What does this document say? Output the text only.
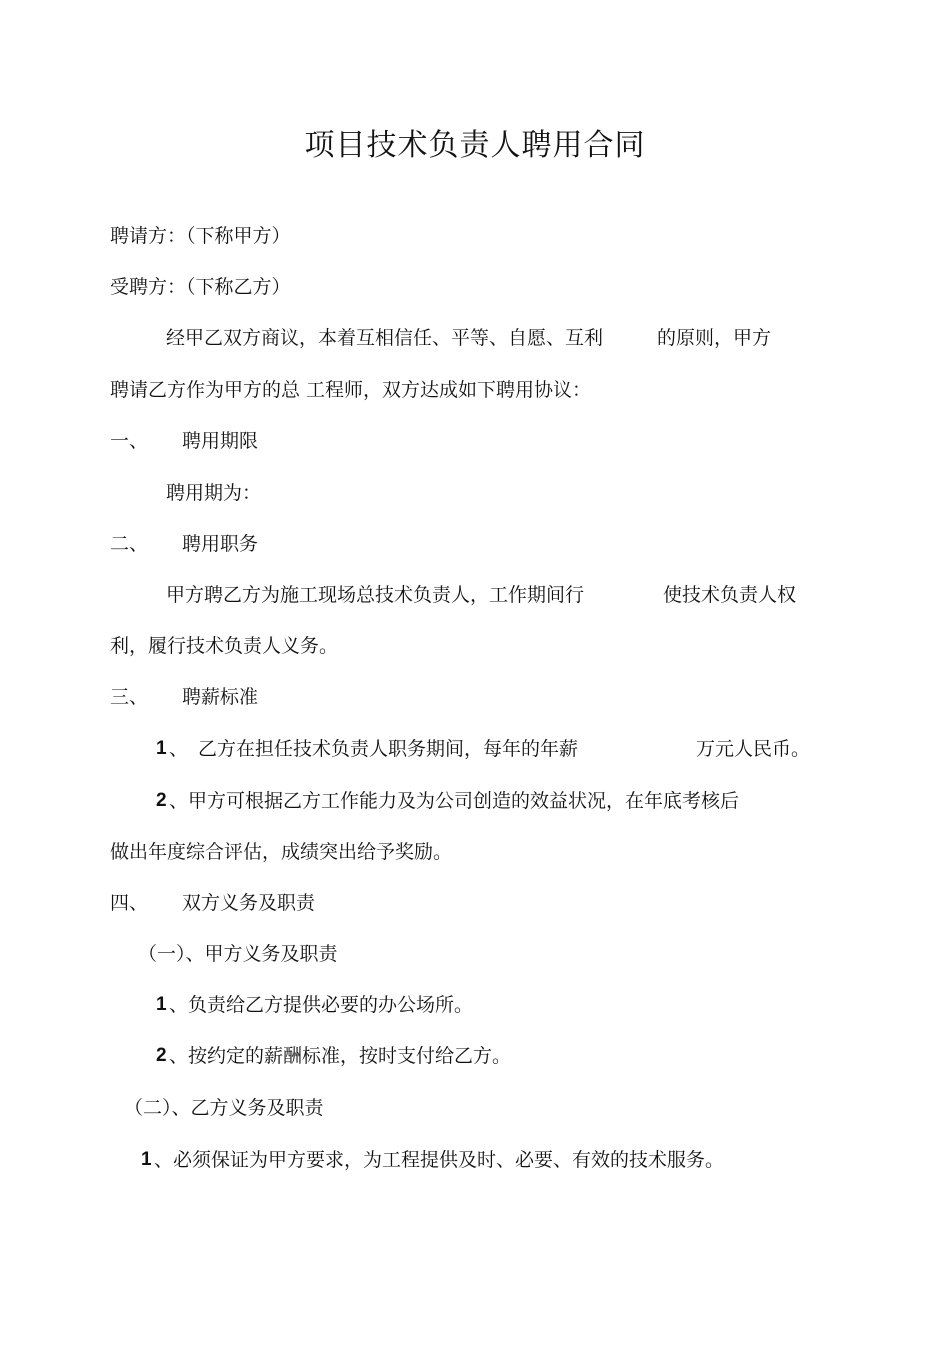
项目技术负责人聘用合同
聘请方：（下称甲方）
受聘方：（下称乙方）
经甲乙双方商议，本着互相信任、平等、自愿、互利	的原则，甲方
聘请乙方作为甲方的总 工程师，双方达成如下聘用协议：
一、 聘用期限
聘用期为：
二、 聘用职务
甲方聘乙方为施工现场总技术负责人，工作期间行	使技术负责人权
利，履行技术负责人义务。
三、 聘薪标准
1 、 乙方在担任技术负责人职务期间，每年的年薪	万元人民币。
2 、甲方可根据乙方工作能力及为公司创造的效益状况，在年底考核后
做出年度综合评估，成绩突出给予奖励。
四、 双方义务及职责
（一）、甲方义务及职责
1 、负责给乙方提供必要的办公场所。
2 、按约定的薪酬标准，按时支付给乙方。
（二）、乙方义务及职责
1 、必须保证为甲方要求，为工程提供及时、必要、有效的技术服务。
